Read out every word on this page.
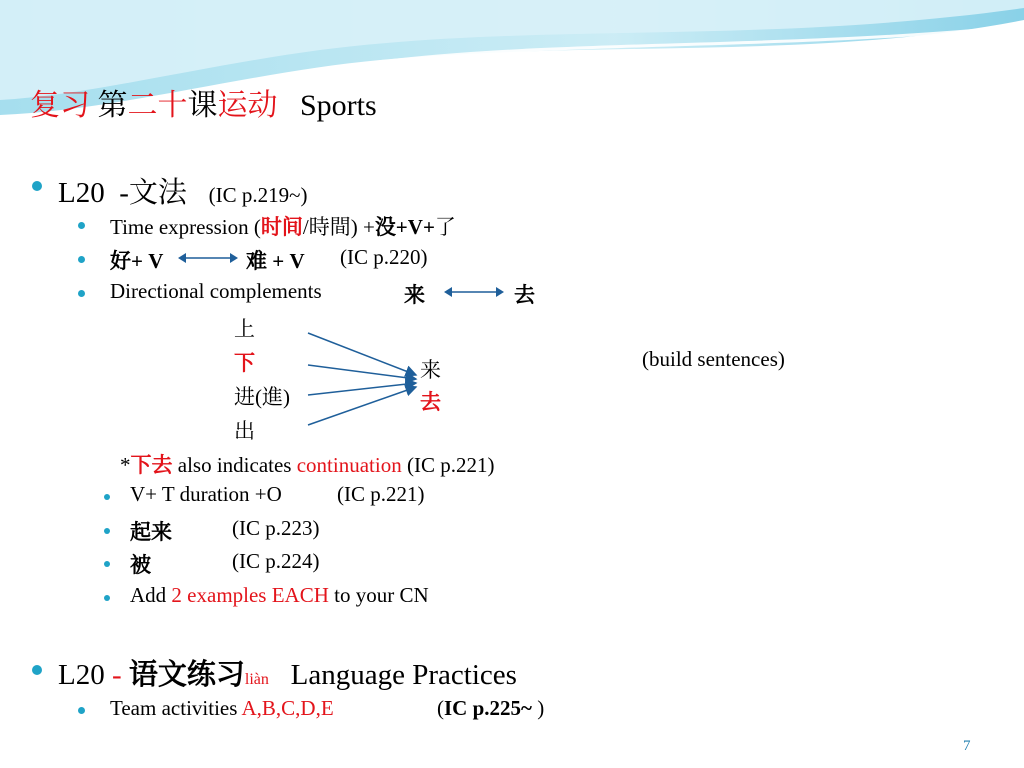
复习 第二十课运动 Sports
L20 -文法 (IC p.219~)
Time expression (时间/時間) +没+V+了
好+ V	难 + V (IC p.220)
Directional complements	来	去
上
下
进(進)
出
来
去
(build sentences)
*下去 also indicates continuation (IC p.221)
V+ T duration +O	(IC p.221)
起来	(IC p.223)
被	(IC p.224)
Add 2 examples EACH to your CN
L20 - 语文练习liàn Language Practices
Team activities A,B,C,D,E	(IC p.225~ )
7
